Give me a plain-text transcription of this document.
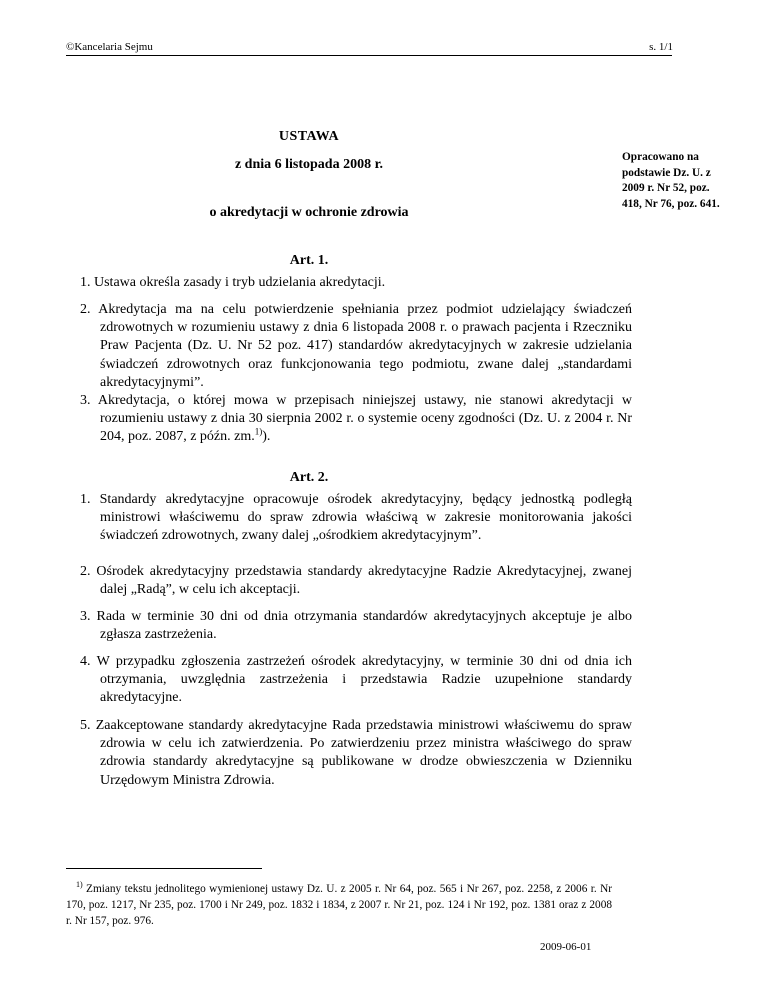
©Kancelaria Sejmu	s. 1/1
USTAWA
z dnia 6 listopada 2008 r.
o akredytacji w ochronie zdrowia
Opracowano na podstawie Dz. U. z 2009 r. Nr 52, poz. 418, Nr 76, poz. 641.
Art. 1.
1. Ustawa określa zasady i tryb udzielania akredytacji.
2. Akredytacja ma na celu potwierdzenie spełniania przez podmiot udzielający świadczeń zdrowotnych w rozumieniu ustawy z dnia 6 listopada 2008 r. o prawach pacjenta i Rzeczniku Praw Pacjenta (Dz. U. Nr 52 poz. 417) standardów akredytacyjnych w zakresie udzielania świadczeń zdrowotnych oraz funkcjonowania tego podmiotu, zwane dalej „standardami akredytacyjnymi”.
3. Akredytacja, o której mowa w przepisach niniejszej ustawy, nie stanowi akredytacji w rozumieniu ustawy z dnia 30 sierpnia 2002 r. o systemie oceny zgodności (Dz. U. z 2004 r. Nr 204, poz. 2087, z późn. zm.$^{1)}$).
Art. 2.
1. Standardy akredytacyjne opracowuje ośrodek akredytacyjny, będący jednostką podległą ministrowi właściwemu do spraw zdrowia właściwą w zakresie monitorowania jakości świadczeń zdrowotnych, zwany dalej „ośrodkiem akredytacyjnym”.
2. Ośrodek akredytacyjny przedstawia standardy akredytacyjne Radzie Akredytacyjnej, zwanej dalej „Radą”, w celu ich akceptacji.
3. Rada w terminie 30 dni od dnia otrzymania standardów akredytacyjnych akceptuje je albo zgłasza zastrzeżenia.
4. W przypadku zgłoszenia zastrzeżeń ośrodek akredytacyjny, w terminie 30 dni od dnia ich otrzymania, uwzględnia zastrzeżenia i przedstawia Radzie uzupełnione standardy akredytacyjne.
5. Zaakceptowane standardy akredytacyjne Rada przedstawia ministrowi właściwemu do spraw zdrowia w celu ich zatwierdzenia. Po zatwierdzeniu przez ministra właściwego do spraw zdrowia standardy akredytacyjne są publikowane w drodze obwieszczenia w Dzienniku Urzędowym Ministra Zdrowia.
$^{1)}$ Zmiany tekstu jednolitego wymienionej ustawy Dz. U. z 2005 r. Nr 64, poz. 565 i Nr 267, poz. 2258, z 2006 r. Nr 170, poz. 1217, Nr 235, poz. 1700 i Nr 249, poz. 1832 i 1834, z 2007 r. Nr 21, poz. 124 i Nr 192, poz. 1381 oraz z 2008 r. Nr 157, poz. 976.
2009-06-01
